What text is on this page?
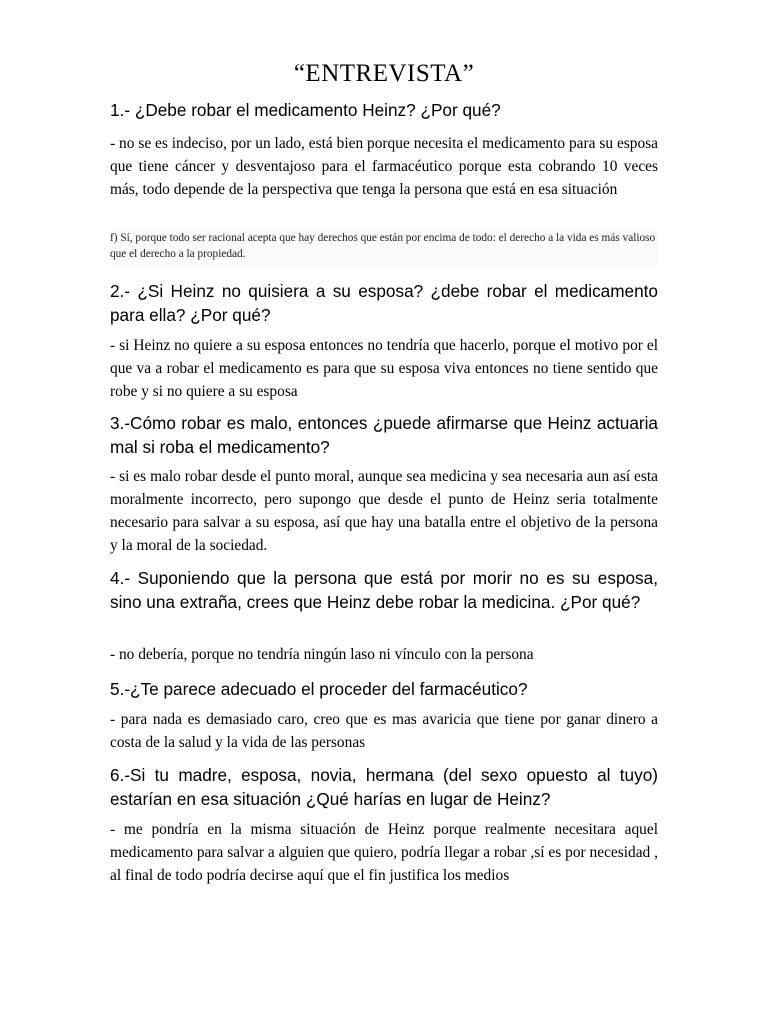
“ENTREVISTA”
1.- ¿Debe robar el medicamento Heinz? ¿Por qué?
- no se es indeciso, por un lado, está bien porque necesita el medicamento para su esposa que tiene cáncer y desventajoso para el farmacéutico porque esta cobrando 10 veces más, todo depende de la perspectiva que tenga la persona que está en esa situación
f) Sí, porque todo ser racional acepta que hay derechos que están por encima de todo: el derecho a la vida es más valioso que el derecho a la propiedad.
2.- ¿Si Heinz no quisiera a su esposa? ¿debe robar el medicamento para ella? ¿Por qué?
- si Heinz no quiere a su esposa entonces no tendría que hacerlo, porque el motivo por el que va a robar el medicamento es para que su esposa viva entonces no tiene sentido que robe y si no quiere a su esposa
3.-Cómo robar es malo, entonces ¿puede afirmarse que Heinz actuaria mal si roba el medicamento?
- si es malo robar desde el punto moral, aunque sea medicina y sea necesaria aun así esta moralmente incorrecto, pero supongo que desde el punto de Heinz seria totalmente necesario para salvar a su esposa, así que hay una batalla entre el objetivo de la persona y la moral de la sociedad.
4.- Suponiendo que la persona que está por morir no es su esposa, sino una extraña, crees que Heinz debe robar la medicina. ¿Por qué?
- no debería, porque no tendría ningún laso ni vínculo con la persona
5.-¿Te parece adecuado el proceder del farmacéutico?
- para nada es demasiado caro, creo que es mas avaricia que tiene por ganar dinero a costa de la salud y la vida de las personas
6.-Si tu madre, esposa, novia, hermana (del sexo opuesto al tuyo) estarían en esa situación ¿Qué harías en lugar de Heinz?
- me pondría en la misma situación de Heinz porque realmente necesitara aquel medicamento para salvar a alguien que quiero, podría llegar a robar ,sí es por necesidad , al final de todo podría decirse aquí que el fin justifica los medios
